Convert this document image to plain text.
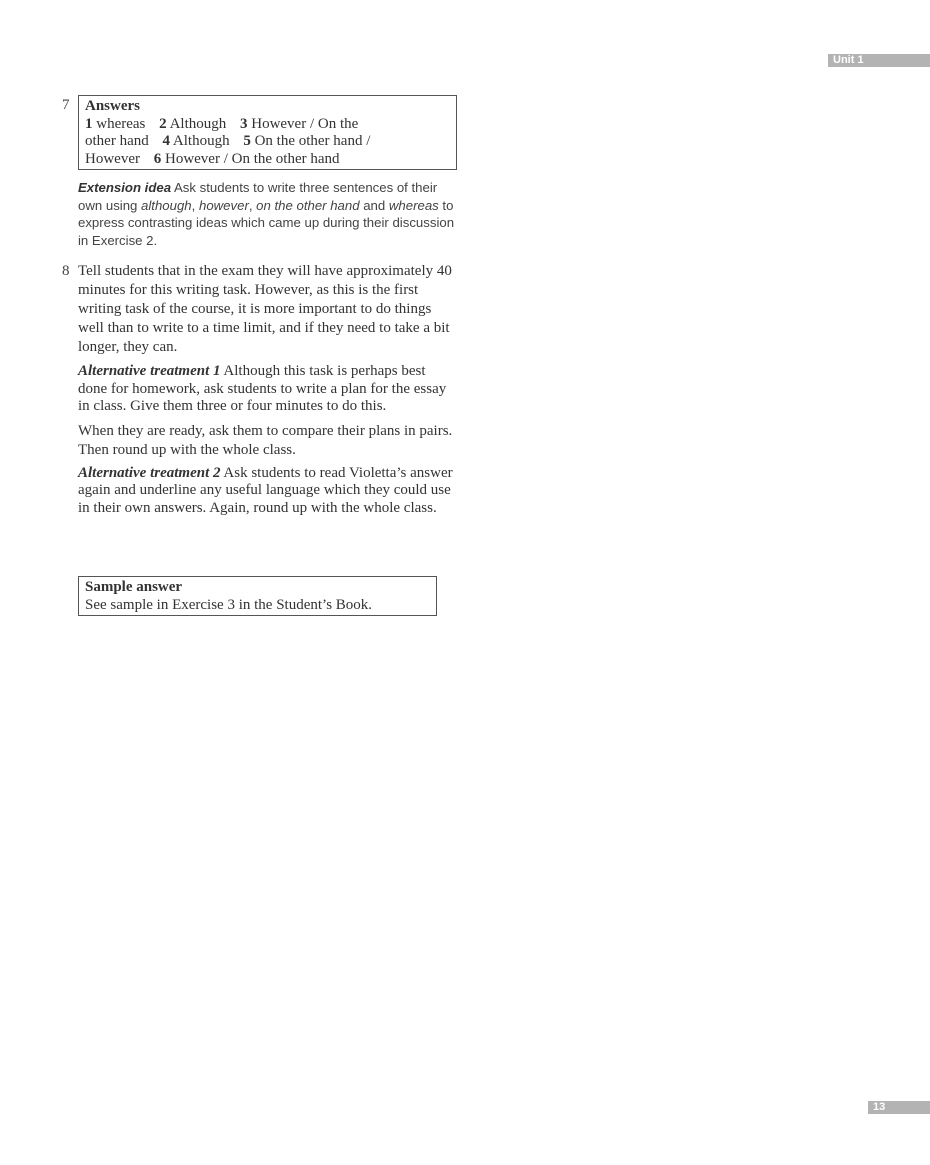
Unit 1
7 Answers
1 whereas 2 Although 3 However / On the
other hand 4 Although 5 On the other hand /
However 6 However / On the other hand

Extension idea Ask students to write three sentences of their own using although, however, on the other hand and whereas to express contrasting ideas which came up during their discussion in Exercise 2.

8 Tell students that in the exam they will have approximately 40 minutes for this writing task. However, as this is the first writing task of the course, it is more important to do things well than to write to a time limit, and if they need to take a bit longer, they can.

Alternative treatment 1 Although this task is perhaps best done for homework, ask students to write a plan for the essay in class. Give them three or four minutes to do this.

When they are ready, ask them to compare their plans in pairs. Then round up with the whole class.

Alternative treatment 2 Ask students to read Violetta’s answer again and underline any useful language which they could use in their own answers. Again, round up with the whole class.

Sample answer
See sample in Exercise 3 in the Student’s Book.
13
